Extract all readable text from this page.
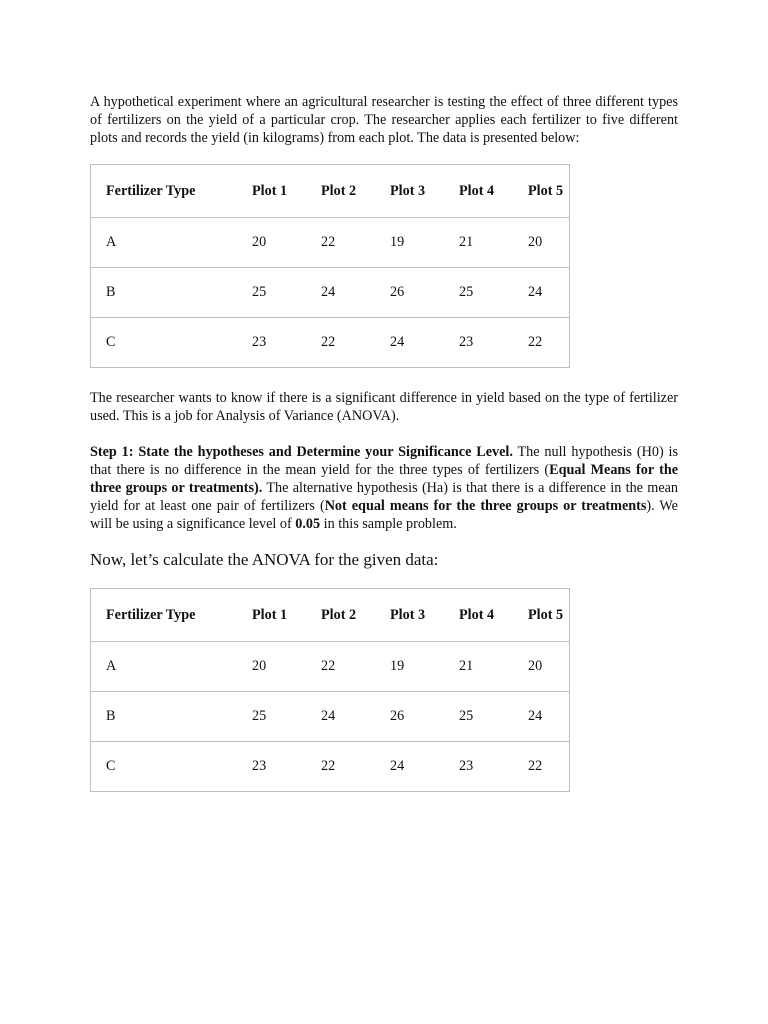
A hypothetical experiment where an agricultural researcher is testing the effect of three different types of fertilizers on the yield of a particular crop. The researcher applies each fertilizer to five different plots and records the yield (in kilograms) from each plot. The data is presented below:

Fertilizer Type	Plot 1	Plot 2	Plot 3	Plot 4	Plot 5
A	20	22	19	21	20
B	25	24	26	25	24
C	23	22	24	23	22

The researcher wants to know if there is a significant difference in yield based on the type of fertilizer used. This is a job for Analysis of Variance (ANOVA).

Step 1: State the hypotheses and Determine your Significance Level. The null hypothesis (H0) is that there is no difference in the mean yield for the three types of fertilizers (Equal Means for the three groups or treatments). The alternative hypothesis (Ha) is that there is a difference in the mean yield for at least one pair of fertilizers (Not equal means for the three groups or treatments). We will be using a significance level of 0.05 in this sample problem.

Now, let’s calculate the ANOVA for the given data:

Fertilizer Type	Plot 1	Plot 2	Plot 3	Plot 4	Plot 5
A	20	22	19	21	20
B	25	24	26	25	24
C	23	22	24	23	22
